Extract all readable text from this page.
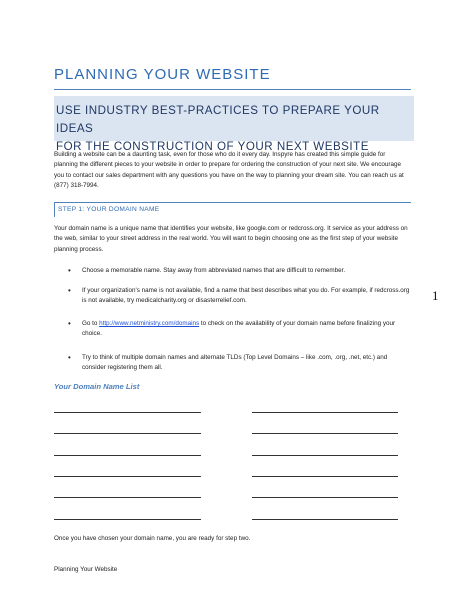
PLANNING YOUR WEBSITE
USE INDUSTRY BEST-PRACTICES TO PREPARE YOUR IDEAS
FOR THE CONSTRUCTION OF YOUR NEXT WEBSITE
Building a website can be a daunting task, even for those who do it every day. Inspyre has created this simple guide for planning the different pieces to your website in order to prepare for ordering the construction of your next site. We encourage you to contact our sales department with any questions you have on the way to planning your dream site. You can reach us at (877) 318-7994.
STEP 1: YOUR DOMAIN NAME
Your domain name is a unique name that identifies your website, like google.com or redcross.org. It service as your address on the web, similar to your street address in the real world. You will want to begin choosing one as the first step of your website planning process.
•	Choose a memorable name. Stay away from abbreviated names that are difficult to remember.
•	If your organization's name is not available, find a name that best describes what you do. For example, if redcross.org is not available, try medicalcharity.org or disasterrelief.com.
•	Go to http://www.netministry.com/domains to check on the availability of your domain name before finalizing your choice.
•	Try to think of multiple domain names and alternate TLDs (Top Level Domains – like .com, .org, .net, etc.) and consider registering them all.
1
Your Domain Name List
Once you have chosen your domain name, you are ready for step two.
Planning Your Website
